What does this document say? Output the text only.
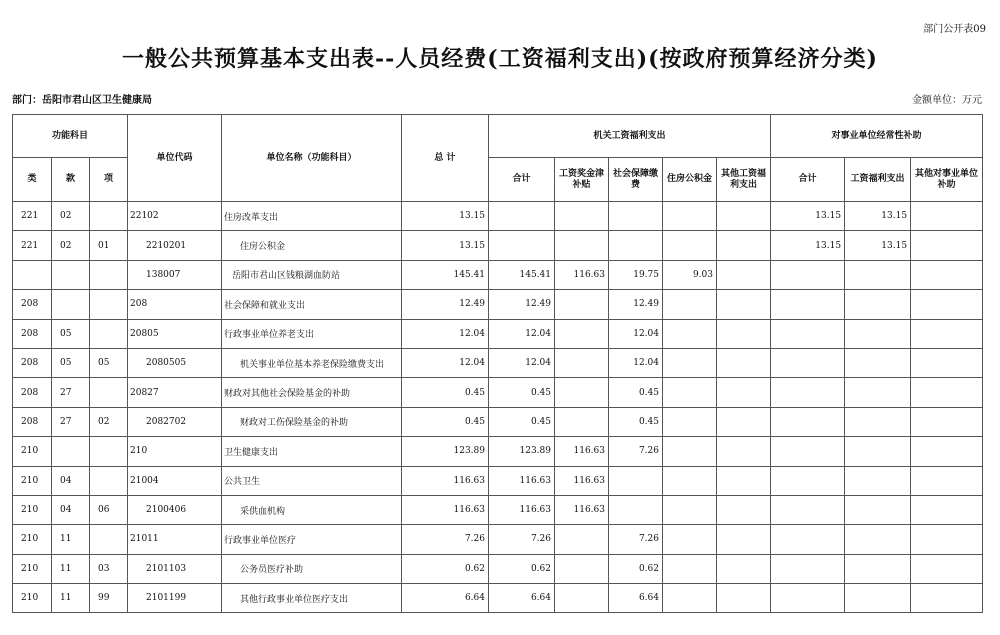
部门公开表09
一般公共预算基本支出表--人员经费(工资福利支出)(按政府预算经济分类)
部门：岳阳市君山区卫生健康局	金额单位：万元
功能科目			单位代码	单位名称（功能科目）	总 计	机关工资福利支出					对事业单位经常性补助		
类	款	项				合计	工资奖金津补贴	社会保障缴费	住房公积金	其他工资福利支出	合计	工资福利支出	其他对事业单位补助
221	02		22102	住房改革支出	13.15						13.15	13.15	
221	02	01	2210201	住房公积金	13.15						13.15	13.15	
			138007	岳阳市君山区钱粮湖血防站	145.41	145.41	116.63	19.75	9.03				
208			208	社会保障和就业支出	12.49	12.49		12.49					
208	05		20805	行政事业单位养老支出	12.04	12.04		12.04					
208	05	05	2080505	机关事业单位基本养老保险缴费支出	12.04	12.04		12.04					
208	27		20827	财政对其他社会保险基金的补助	0.45	0.45		0.45					
208	27	02	2082702	财政对工伤保险基金的补助	0.45	0.45		0.45					
210			210	卫生健康支出	123.89	123.89	116.63	7.26					
210	04		21004	公共卫生	116.63	116.63	116.63						
210	04	06	2100406	采供血机构	116.63	116.63	116.63						
210	11		21011	行政事业单位医疗	7.26	7.26		7.26					
210	11	03	2101103	公务员医疗补助	0.62	0.62		0.62					
210	11	99	2101199	其他行政事业单位医疗支出	6.64	6.64		6.64					
